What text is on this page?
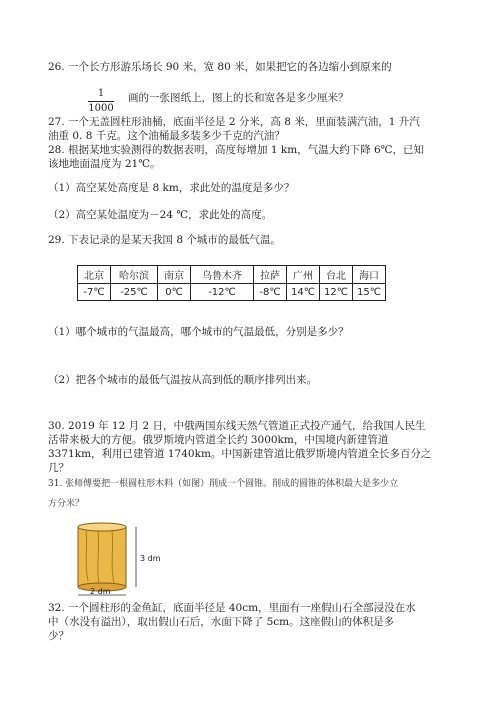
26. 一个长方形游乐场长 90 米，宽 80 米，如果把它的各边缩小到原来的
1
1000
画的一张图纸上，图上的长和宽各是多少厘米？
27. 一个无盖圆柱形油桶，底面半径是 2 分米，高 8 米，里面装满汽油，1 升汽
油重 0. 8 千克。这个油桶最多装多少千克的汽油？
28. 根据某地实验测得的数据表明，高度每增加 1 km，气温大约下降 6℃，已知
该地地面温度为 21℃。
（1）高空某处高度是 8 km，求此处的温度是多少？
（2）高空某处温度为－24 ℃，求此处的高度。
29. 下表记录的是某天我国 8 个城市的最低气温。
北京	哈尔滨	南京	乌鲁木齐	拉萨	广州	台北	海口
-7℃	-25℃	0℃	-12℃	-8℃	14℃	12℃	15℃
（1）哪个城市的气温最高，哪个城市的气温最低，分别是多少？
（2）把各个城市的最低气温按从高到低的顺序排列出来。
30. 2019 年 12 月 2 日，中俄两国东线天然气管道正式投产通气，给我国人民生
活带来极大的方便。俄罗斯境内管道全长约 3000km，中国境内新建管道
3371km，利用已建管道 1740km。中国新建管道比俄罗斯境内管道全长多百分之
几？
31. 张师傅要把一根圆柱形木料（如图）削成一个圆锥。削成的圆锥的体积最大是多少立
方分米？
3 dm
2 dm
32. 一个圆柱形的金鱼缸，底面半径是 40cm，里面有一座假山石全部浸没在水
中（水没有溢出），取出假山石后，水面下降了 5cm。这座假山的体积是多
少？
